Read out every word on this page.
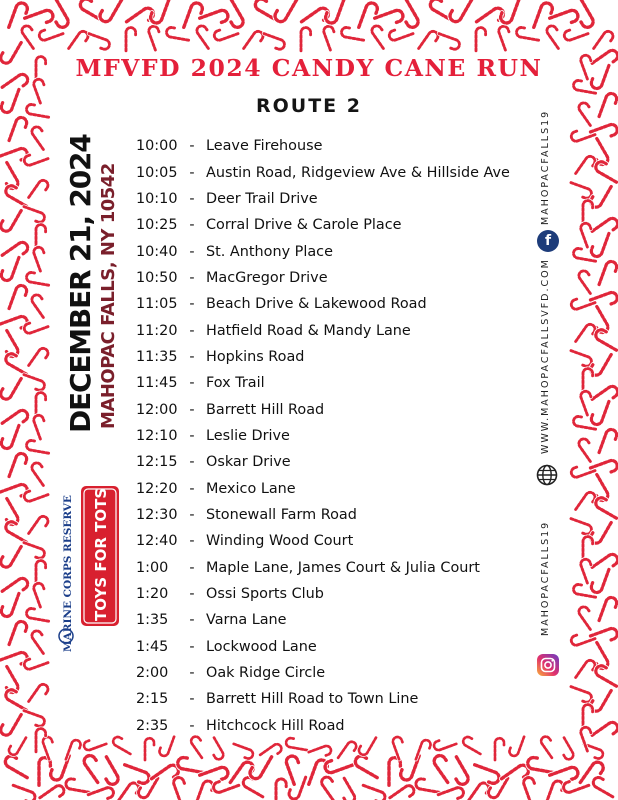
MFVFD 2024 CANDY CANE RUN
ROUTE 2
10:00 - Leave Firehouse
10:05 - Austin Road, Ridgeview Ave & Hillside Ave
10:10 - Deer Trail Drive
10:25 - Corral Drive & Carole Place
10:40 - St. Anthony Place
10:50 - MacGregor Drive
11:05 - Beach Drive & Lakewood Road
11:20 - Hatfield Road & Mandy Lane
11:35 - Hopkins Road
11:45 - Fox Trail
12:00 - Barrett Hill Road
12:10 - Leslie Drive
12:15 - Oskar Drive
12:20 - Mexico Lane
12:30 - Stonewall Farm Road
12:40 - Winding Wood Court
1:00	- Maple Lane, James Court & Julia Court
1:20	- Ossi Sports Club
1:35	- Varna Lane
1:45	- Lockwood Lane
2:00	- Oak Ridge Circle
2:15	- Barrett Hill Road to Town Line
2:35	- Hitchcock Hill Road
DECEMBER 21, 2024 MAHOPAC FALLS, NY 10542	MAHOPACFALLS19
f
WWW.MAHOPACFALLSVFD.COM
MAHOPACFALLS19
MARINE CORPS RESERVE TOYS FOR TOTS
